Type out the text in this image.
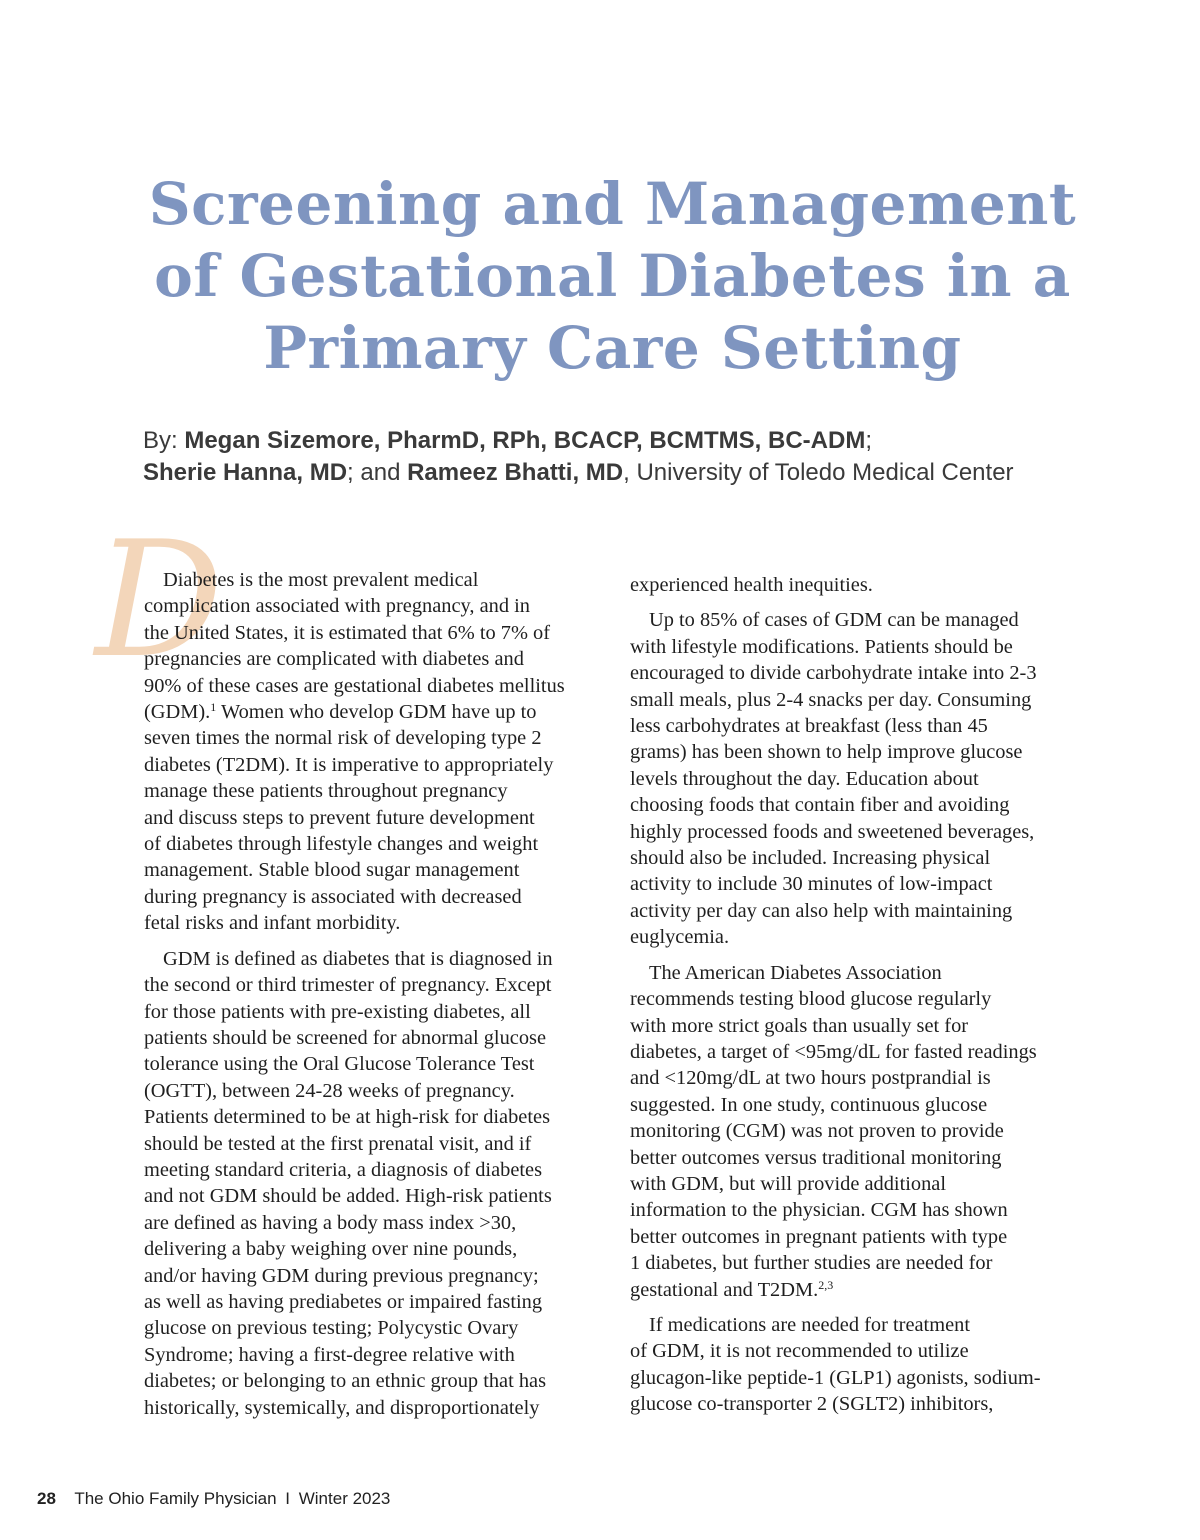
Screening and Management
of Gestational Diabetes in a
Primary Care Setting
By: Megan Sizemore, PharmD, RPh, BCACP, BCMTMS, BC-ADM;
Sherie Hanna, MD; and Rameez Bhatti, MD, University of Toledo Medical Center
D

Diabetes is the most prevalent medical
complication associated with pregnancy, and in
the United States, it is estimated that 6% to 7% of
pregnancies are complicated with diabetes and
90% of these cases are gestational diabetes mellitus
(GDM).$^1$ Women who develop GDM have up to
seven times the normal risk of developing type 2
diabetes (T2DM). It is imperative to appropriately
manage these patients throughout pregnancy
and discuss steps to prevent future development
of diabetes through lifestyle changes and weight
management. Stable blood sugar management
during pregnancy is associated with decreased
fetal risks and infant morbidity.

GDM is defined as diabetes that is diagnosed in
the second or third trimester of pregnancy. Except
for those patients with pre-existing diabetes, all
patients should be screened for abnormal glucose
tolerance using the Oral Glucose Tolerance Test
(OGTT), between 24-28 weeks of pregnancy.
Patients determined to be at high-risk for diabetes
should be tested at the first prenatal visit, and if
meeting standard criteria, a diagnosis of diabetes
and not GDM should be added. High-risk patients
are defined as having a body mass index >30,
delivering a baby weighing over nine pounds,
and/or having GDM during previous pregnancy;
as well as having prediabetes or impaired fasting
glucose on previous testing; Polycystic Ovary
Syndrome; having a first-degree relative with
diabetes; or belonging to an ethnic group that has
historically, systemically, and disproportionately

experienced health inequities.

Up to 85% of cases of GDM can be managed
with lifestyle modifications. Patients should be
encouraged to divide carbohydrate intake into 2-3
small meals, plus 2-4 snacks per day. Consuming
less carbohydrates at breakfast (less than 45
grams) has been shown to help improve glucose
levels throughout the day. Education about
choosing foods that contain fiber and avoiding
highly processed foods and sweetened beverages,
should also be included. Increasing physical
activity to include 30 minutes of low-impact
activity per day can also help with maintaining
euglycemia.

The American Diabetes Association
recommends testing blood glucose regularly
with more strict goals than usually set for
diabetes, a target of <95mg/dL for fasted readings
and <120mg/dL at two hours postprandial is
suggested. In one study, continuous glucose
monitoring (CGM) was not proven to provide
better outcomes versus traditional monitoring
with GDM, but will provide additional
information to the physician. CGM has shown
better outcomes in pregnant patients with type
1 diabetes, but further studies are needed for
gestational and T2DM.$^{2,3}$

If medications are needed for treatment
of GDM, it is not recommended to utilize
glucagon-like peptide-1 (GLP1) agonists, sodium-
glucose co-transporter 2 (SGLT2) inhibitors,

28 The Ohio Family Physician I Winter 2023
